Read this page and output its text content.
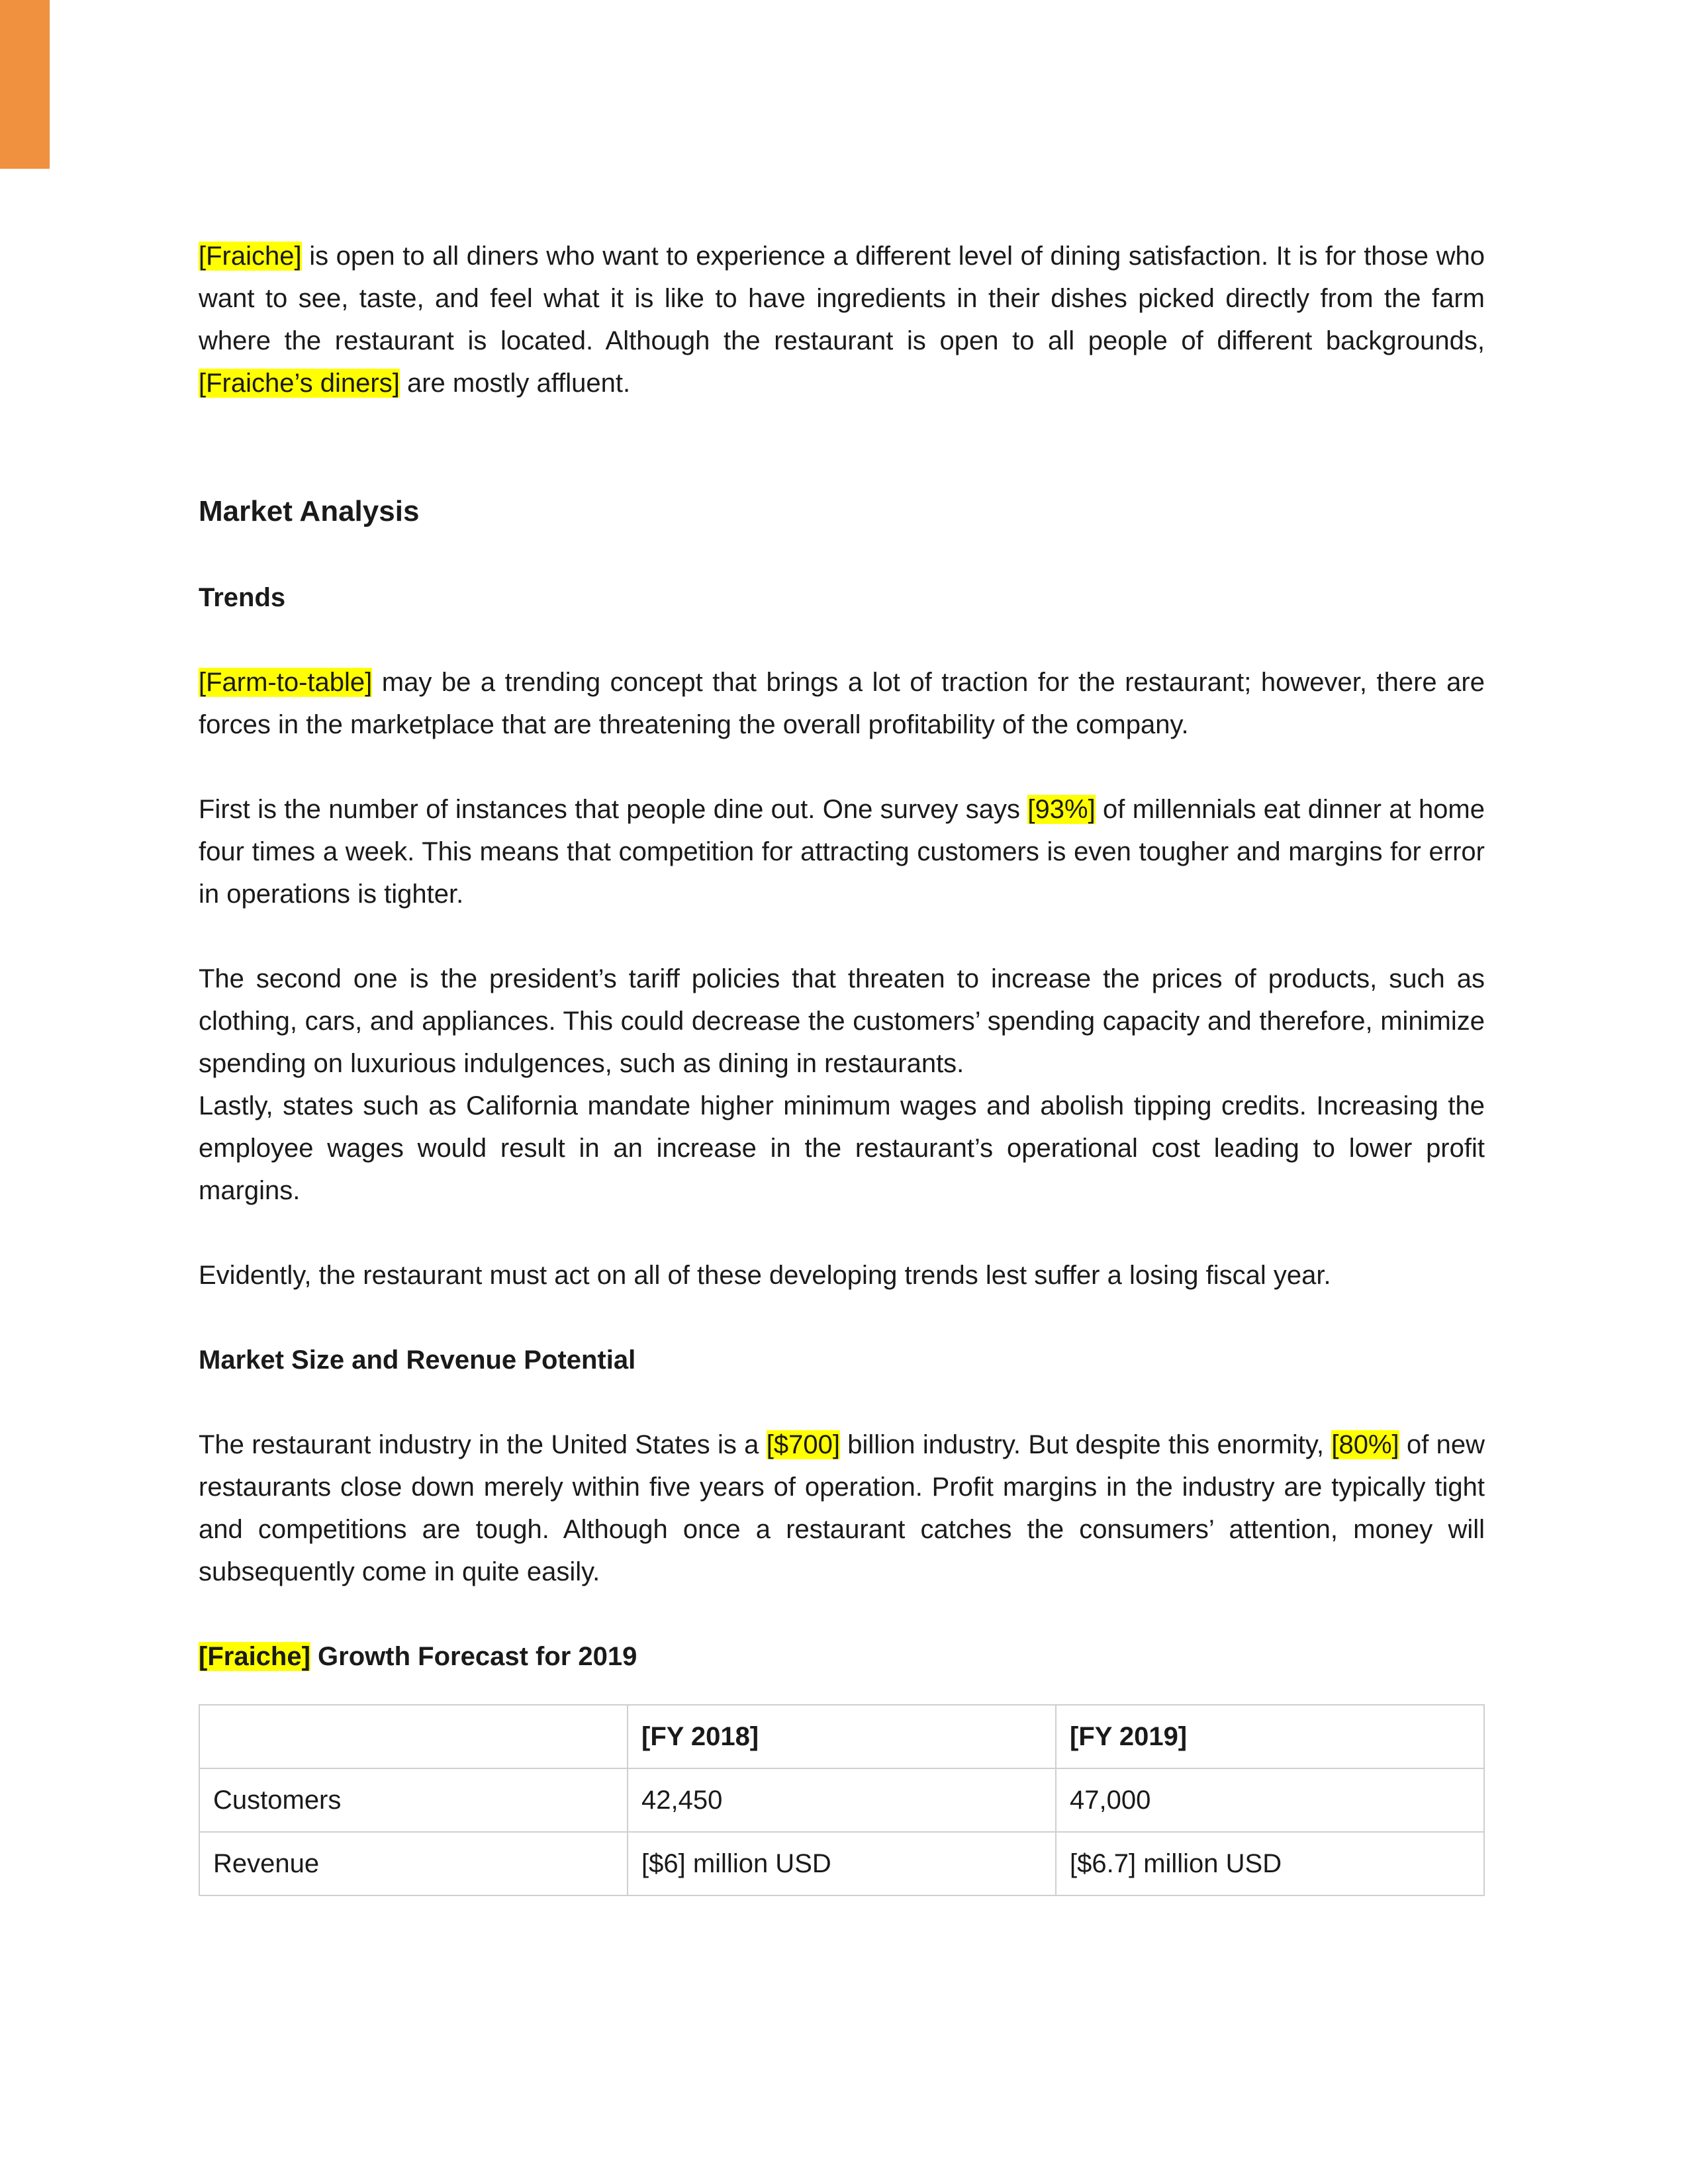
[Fraiche] is open to all diners who want to experience a different level of dining satisfaction. It is for those who want to see, taste, and feel what it is like to have ingredients in their dishes picked directly from the farm where the restaurant is located. Although the restaurant is open to all people of different backgrounds, [Fraiche’s diners] are mostly affluent.

Market Analysis
Trends

[Farm-to-table] may be a trending concept that brings a lot of traction for the restaurant; however, there are forces in the marketplace that are threatening the overall profitability of the company.

First is the number of instances that people dine out. One survey says [93%] of millennials eat dinner at home four times a week. This means that competition for attracting customers is even tougher and margins for error in operations is tighter.

The second one is the president’s tariff policies that threaten to increase the prices of products, such as clothing, cars, and appliances. This could decrease the customers’ spending capacity and therefore, minimize spending on luxurious indulgences, such as dining in restaurants.

Lastly, states such as California mandate higher minimum wages and abolish tipping credits. Increasing the employee wages would result in an increase in the restaurant’s operational cost leading to lower profit margins.

Evidently, the restaurant must act on all of these developing trends lest suffer a losing fiscal year.

Market Size and Revenue Potential

The restaurant industry in the United States is a [$700] billion industry. But despite this enormity, [80%] of new restaurants close down merely within five years of operation. Profit margins in the industry are typically tight and competitions are tough. Although once a restaurant catches the consumers’ attention, money will subsequently come in quite easily.

[Fraiche] Growth Forecast for 2019
	[FY 2018]	[FY 2019]
Customers	42,450	47,000
Revenue	[$6] million USD	[$6.7] million USD
